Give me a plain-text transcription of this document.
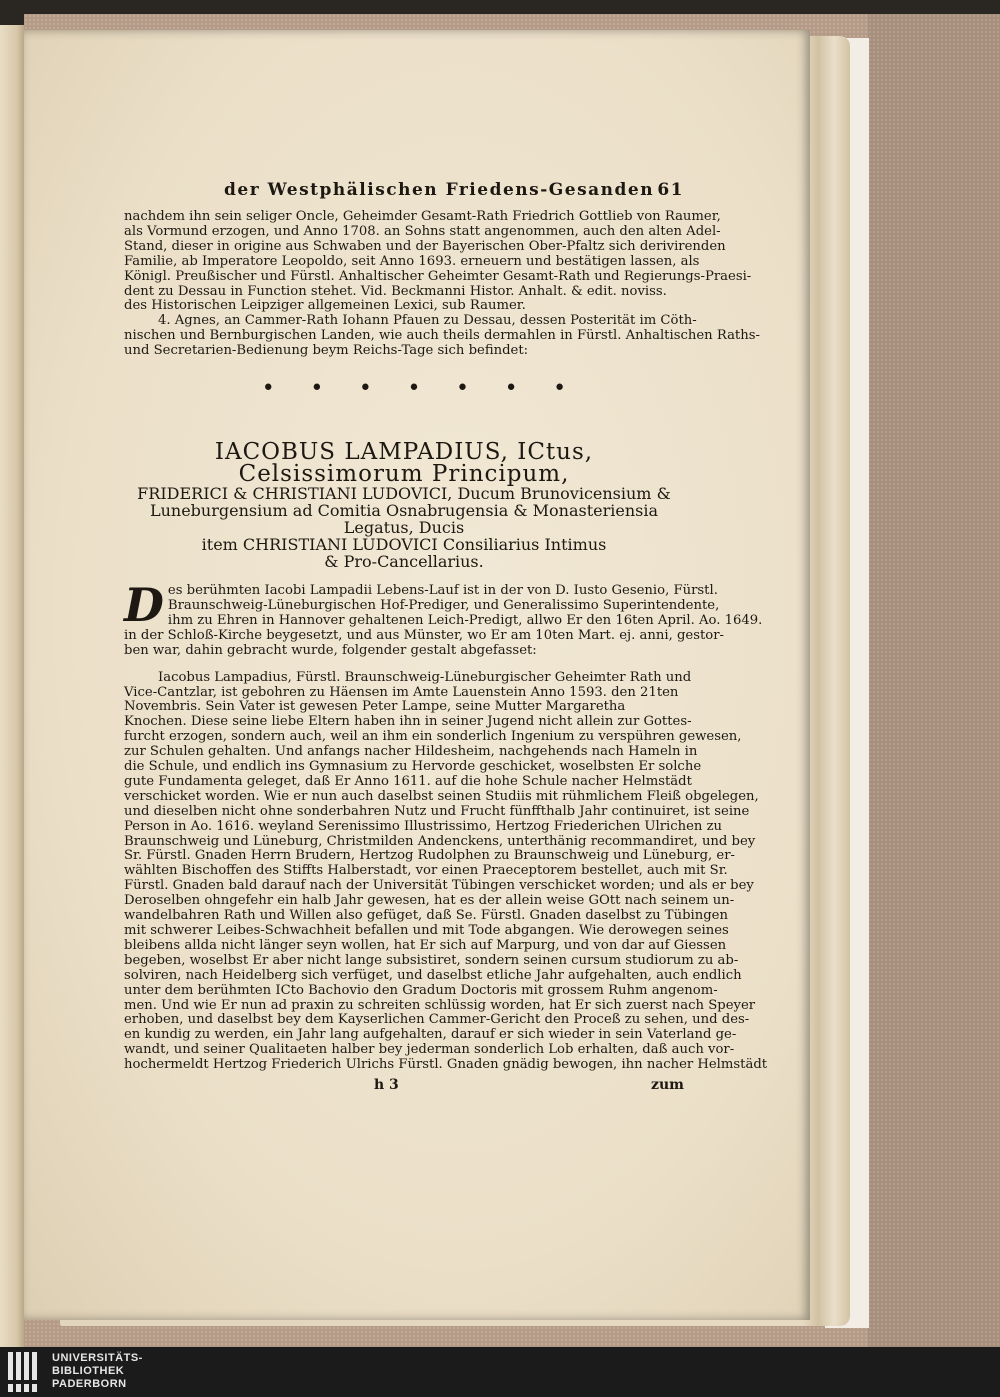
der Westphälischen Friedens-Gesanden 61
nachdem ihn sein seliger Oncle, Geheimder Gesamt-Rath Friedrich Gottlieb von Raumer,
als Vormund erzogen, und Anno 1708. an Sohns statt angenommen, auch den alten Adel-
Stand, dieser in origine aus Schwaben und der Bayerischen Ober-Pfaltz sich derivirenden
Familie, ab Imperatore Leopoldo, seit Anno 1693. erneuern und bestätigen lassen, als
Königl. Preußischer und Fürstl. Anhaltischer Geheimter Gesamt-Rath und Regierungs-Praesi-
dent zu Dessau in Function stehet. Vid. Beckmanni Histor. Anhalt. & edit. noviss.
des Historischen Leipziger allgemeinen Lexici, sub Raumer.
4. Agnes, an Cammer-Rath Iohann Pfauen zu Dessau, dessen Posterität im Cöth-
nischen und Bernburgischen Landen, wie auch theils dermahlen in Fürstl. Anhaltischen Raths-
und Secretarien-Bedienung beym Reichs-Tage sich befindet:
• • • • • • •
IACOBUS LAMPADIUS, ICtus, Celsissimorum Principum,
FRIDERICI & CHRISTIANI LUDOVICI, Ducum Brunovicensium &
Luneburgensium ad Comitia Osnabrugensia & Monasteriensia Legatus, Ducis
item CHRISTIANI LUDOVICI Consiliarius Intimus
& Pro-Cancellarius.
D es berühmten Iacobi Lampadii Lebens-Lauf ist in der von D. Iusto Gesenio, Fürstl.
Braunschweig-Lüneburgischen Hof-Prediger, und Generalissimo Superintendente,
ihm zu Ehren in Hannover gehaltenen Leich-Predigt, allwo Er den 16ten April. Ao. 1649.
in der Schloß-Kirche beygesetzt, und aus Münster, wo Er am 10ten Mart. ej. anni, gestor-
ben war, dahin gebracht wurde, folgender gestalt abgefasset:
Iacobus Lampadius, Fürstl. Braunschweig-Lüneburgischer Geheimter Rath und
Vice-Cantzlar, ist gebohren zu Häensen im Amte Lauenstein Anno 1593. den 21ten
Novembris. Sein Vater ist gewesen Peter Lampe, seine Mutter Margaretha
Knochen. Diese seine liebe Eltern haben ihn in seiner Jugend nicht allein zur Gottes-
furcht erzogen, sondern auch, weil an ihm ein sonderlich Ingenium zu verspühren gewesen,
zur Schulen gehalten. Und anfangs nacher Hildesheim, nachgehends nach Hameln in
die Schule, und endlich ins Gymnasium zu Hervorde geschicket, woselbsten Er solche
gute Fundamenta geleget, daß Er Anno 1611. auf die hohe Schule nacher Helmstädt
verschicket worden. Wie er nun auch daselbst seinen Studiis mit rühmlichem Fleiß obgelegen,
und dieselben nicht ohne sonderbahren Nutz und Frucht fünffthalb Jahr continuiret, ist seine
Person in Ao. 1616. weyland Serenissimo Illustrissimo, Hertzog Friederichen Ulrichen zu
Braunschweig und Lüneburg, Christmilden Andenckens, unterthänig recommandiret, und bey
Sr. Fürstl. Gnaden Herrn Brudern, Hertzog Rudolphen zu Braunschweig und Lüneburg, er-
wählten Bischoffen des Stiffts Halberstadt, vor einen Praeceptorem bestellet, auch mit Sr.
Fürstl. Gnaden bald darauf nach der Universität Tübingen verschicket worden; und als er bey
Deroselben ohngefehr ein halb Jahr gewesen, hat es der allein weise GOtt nach seinem un-
wandelbahren Rath und Willen also gefüget, daß Se. Fürstl. Gnaden daselbst zu Tübingen
mit schwerer Leibes-Schwachheit befallen und mit Tode abgangen. Wie derowegen seines
bleibens allda nicht länger seyn wollen, hat Er sich auf Marpurg, und von dar auf Giessen
begeben, woselbst Er aber nicht lange subsistiret, sondern seinen cursum studiorum zu ab-
solviren, nach Heidelberg sich verfüget, und daselbst etliche Jahr aufgehalten, auch endlich
unter dem berühmten ICto Bachovio den Gradum Doctoris mit grossem Ruhm angenom-
men. Und wie Er nun ad praxin zu schreiten schlüssig worden, hat Er sich zuerst nach Speyer
erhoben, und daselbst bey dem Kayserlichen Cammer-Gericht den Proceß zu sehen, und des-
en kundig zu werden, ein Jahr lang aufgehalten, darauf er sich wieder in sein Vaterland ge-
wandt, und seiner Qualitaeten halber bey jederman sonderlich Lob erhalten, daß auch vor-
hochermeldt Hertzog Friederich Ulrichs Fürstl. Gnaden gnädig bewogen, ihn nacher Helmstädt
h 3	zum
UNIVERSITÄTS-
BIBLIOTHEK
PADERBORN
